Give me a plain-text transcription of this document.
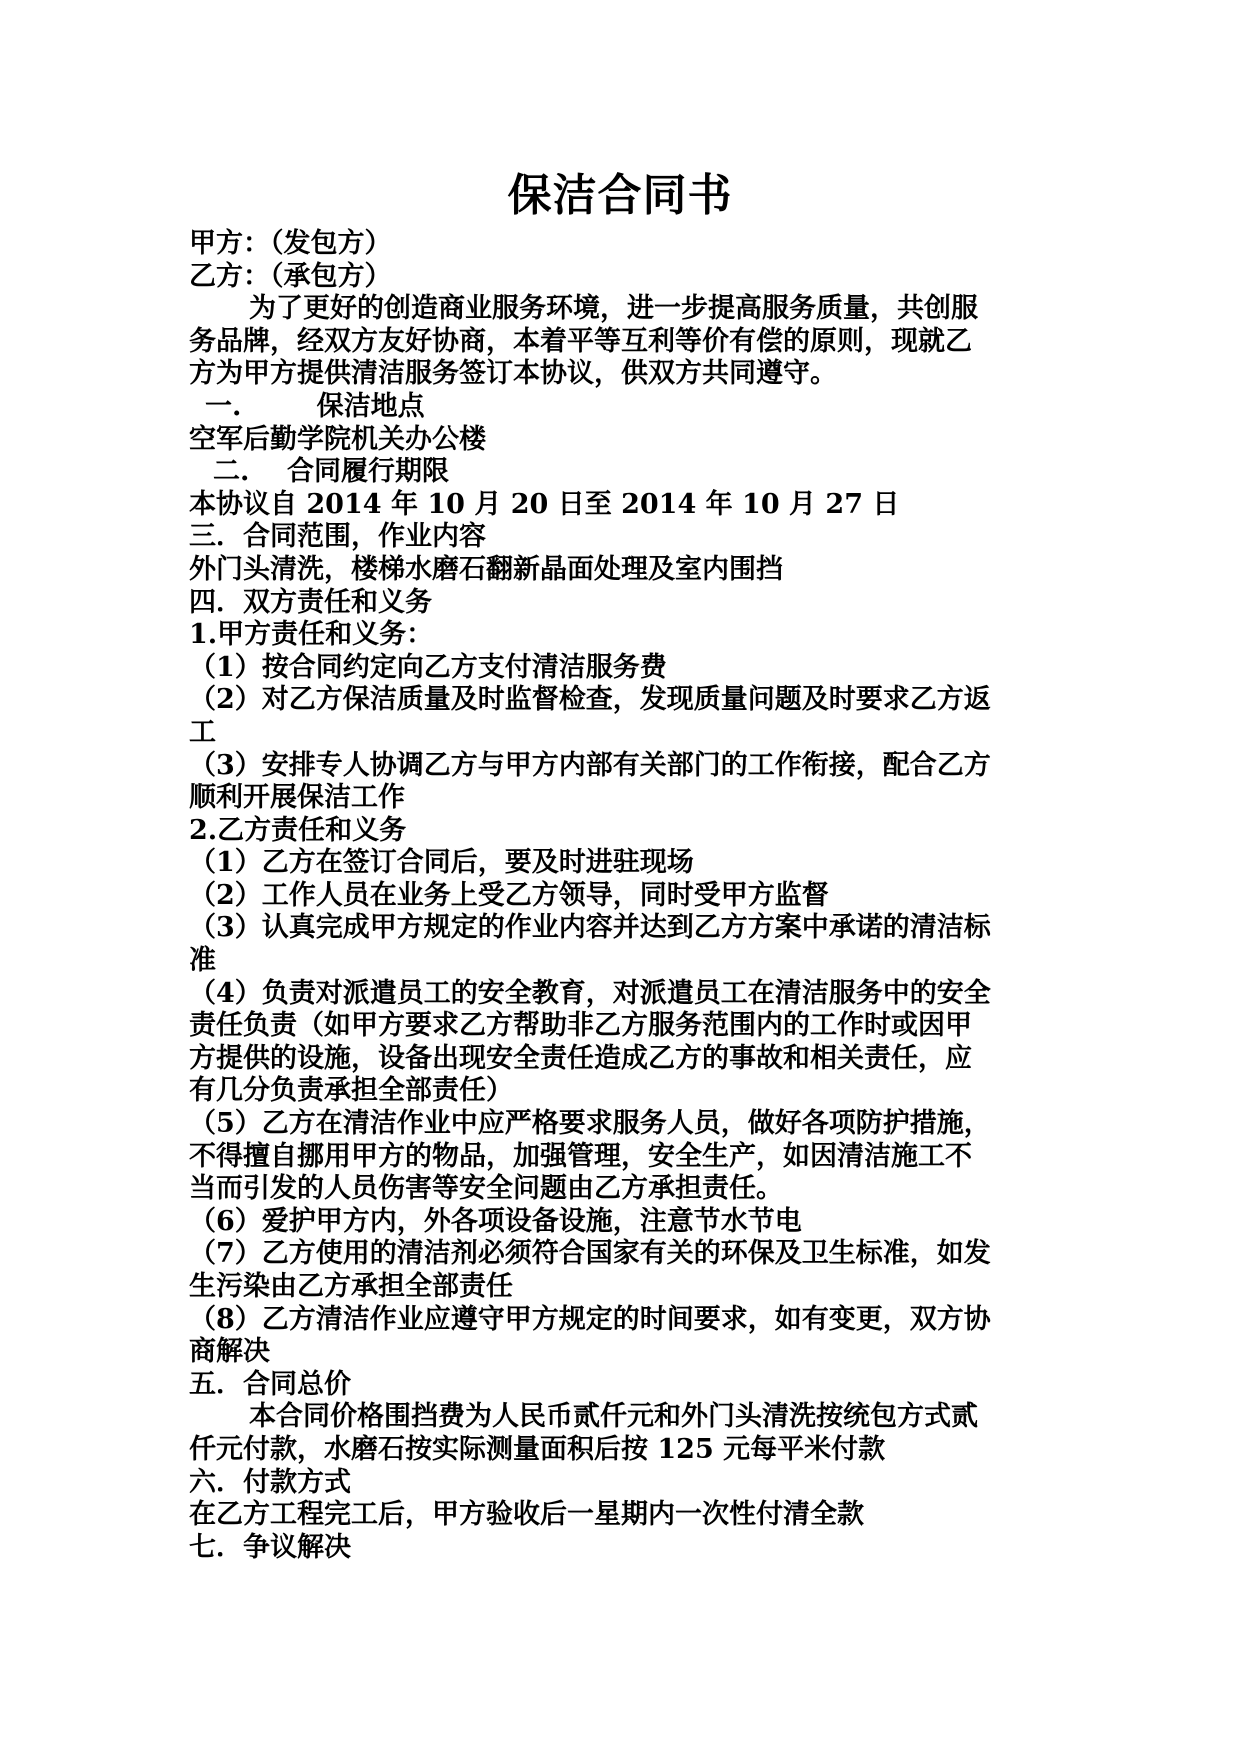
保洁合同书
甲方：（发包方）
乙方：（承包方）
为了更好的创造商业服务环境，进一步提高服务质量，共创服
务品牌，经双方友好协商，本着平等互利等价有偿的原则，现就乙
方为甲方提供清洁服务签订本协议，供双方共同遵守。
一.        保洁地点
空军后勤学院机关办公楼
二.    合同履行期限
本协议自 2014 年 10 月 20 日至 2014 年 10 月 27 日
三．合同范围，作业内容
外门头清洗，楼梯水磨石翻新晶面处理及室内围挡
四．双方责任和义务
1.甲方责任和义务：
（1）按合同约定向乙方支付清洁服务费
（2）对乙方保洁质量及时监督检查，发现质量问题及时要求乙方返
工
（3）安排专人协调乙方与甲方内部有关部门的工作衔接，配合乙方
顺利开展保洁工作
2.乙方责任和义务
（1）乙方在签订合同后，要及时进驻现场
（2）工作人员在业务上受乙方领导，同时受甲方监督
（3）认真完成甲方规定的作业内容并达到乙方方案中承诺的清洁标
准
（4）负责对派遣员工的安全教育，对派遣员工在清洁服务中的安全
责任负责（如甲方要求乙方帮助非乙方服务范围内的工作时或因甲
方提供的设施，设备出现安全责任造成乙方的事故和相关责任，应
有几分负责承担全部责任）
（5）乙方在清洁作业中应严格要求服务人员，做好各项防护措施，
不得擅自挪用甲方的物品，加强管理，安全生产，如因清洁施工不
当而引发的人员伤害等安全问题由乙方承担责任。
（6）爱护甲方内，外各项设备设施，注意节水节电
（7）乙方使用的清洁剂必须符合国家有关的环保及卫生标准，如发
生污染由乙方承担全部责任
（8）乙方清洁作业应遵守甲方规定的时间要求，如有变更，双方协
商解决
五．合同总价
本合同价格围挡费为人民币贰仟元和外门头清洗按统包方式贰
仟元付款，水磨石按实际测量面积后按 125 元每平米付款
六．付款方式
在乙方工程完工后，甲方验收后一星期内一次性付清全款
七．争议解决
